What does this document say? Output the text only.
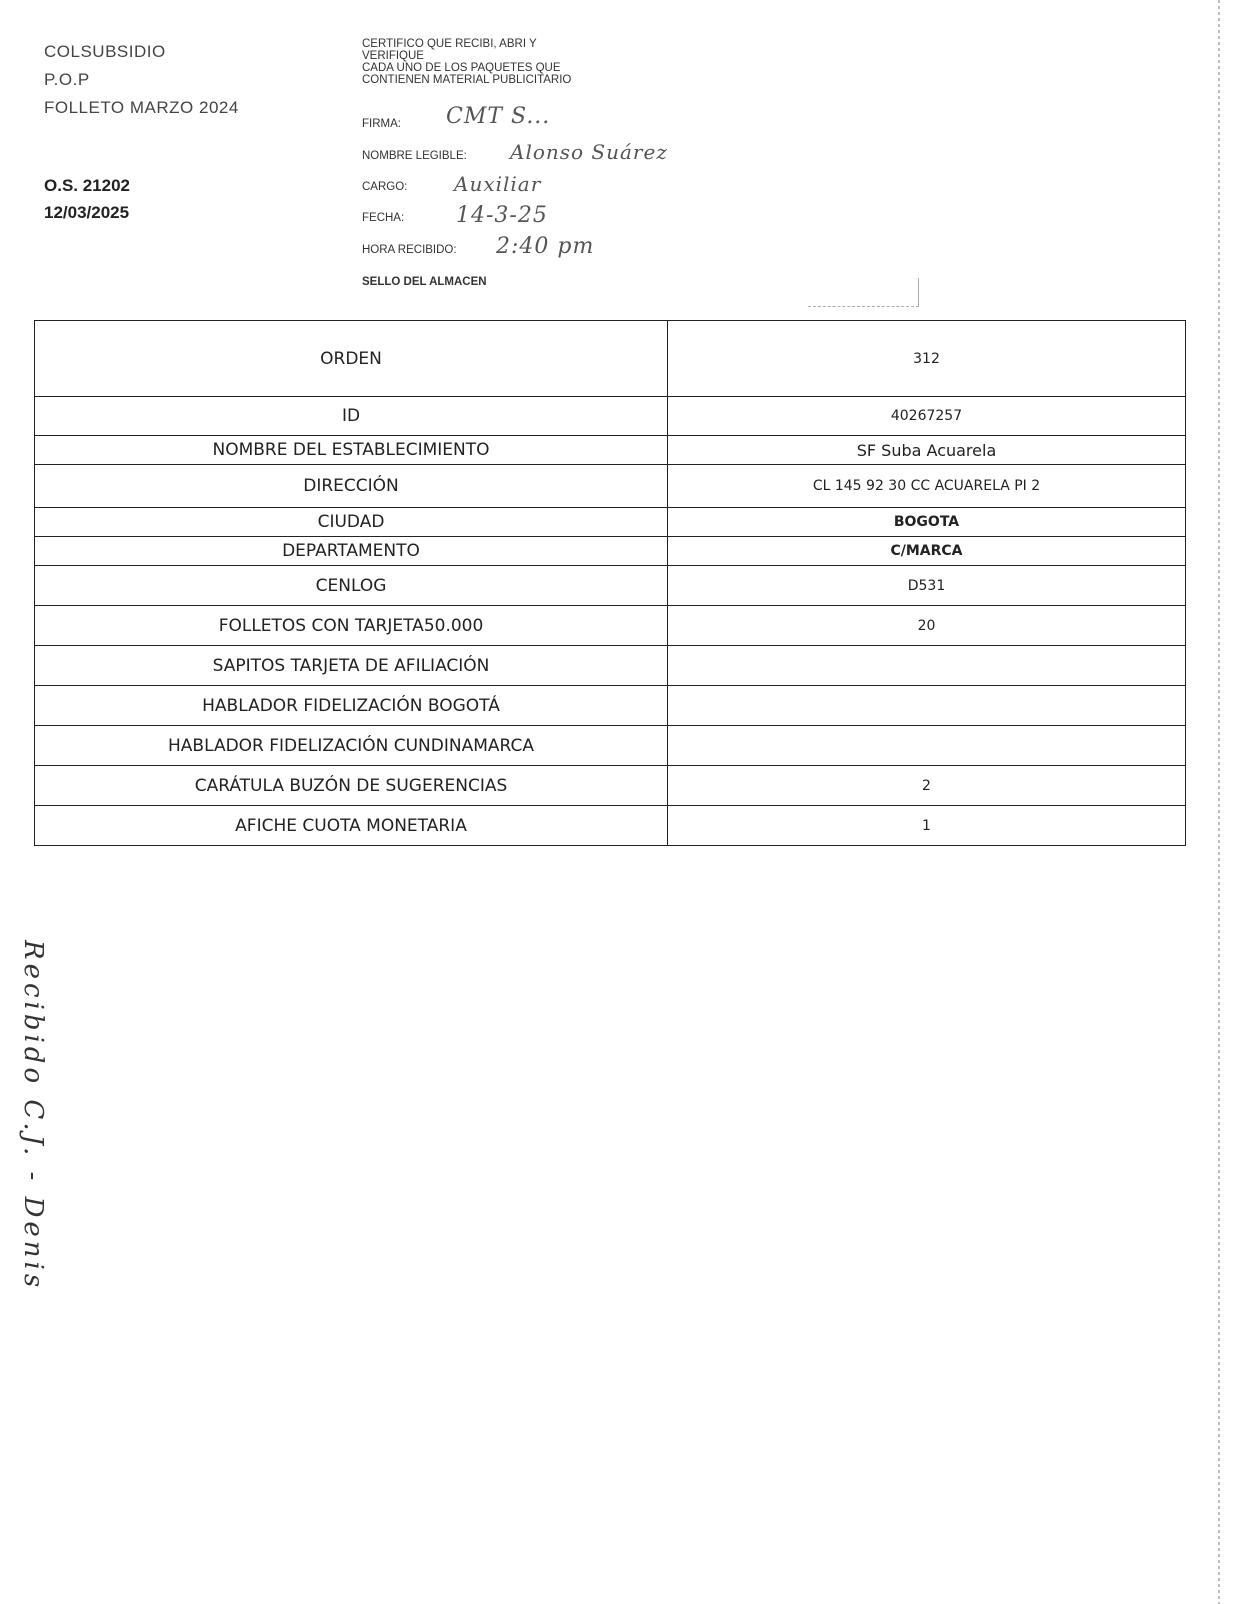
COLSUBSIDIO
P.O.P
FOLLETO MARZO 2024
O.S. 21202
12/03/2025
CERTIFICO QUE RECIBI, ABRI Y
VERIFIQUE
CADA UNO DE LOS PAQUETES QUE
CONTIENEN MATERIAL PUBLICITARIO
FIRMA: CMT S...
NOMBRE LEGIBLE: Alonso Suárez
CARGO: Auxiliar
FECHA: 14-3-25
HORA RECIBIDO: 2:40 pm
SELLO DEL ALMACEN
ORDEN	312
ID	40267257
NOMBRE DEL ESTABLECIMIENTO	SF Suba Acuarela
DIRECCIÓN	CL 145 92 30 CC ACUARELA PI 2
CIUDAD	BOGOTA
DEPARTAMENTO	C/MARCA
CENLOG	D531
FOLLETOS CON TARJETA50.000	20
SAPITOS TARJETA DE AFILIACIÓN	
HABLADOR FIDELIZACIÓN BOGOTÁ	
HABLADOR FIDELIZACIÓN CUNDINAMARCA	
CARÁTULA BUZÓN DE SUGERENCIAS	2
AFICHE CUOTA MONETARIA	1
Recibido C.J. - Denis
